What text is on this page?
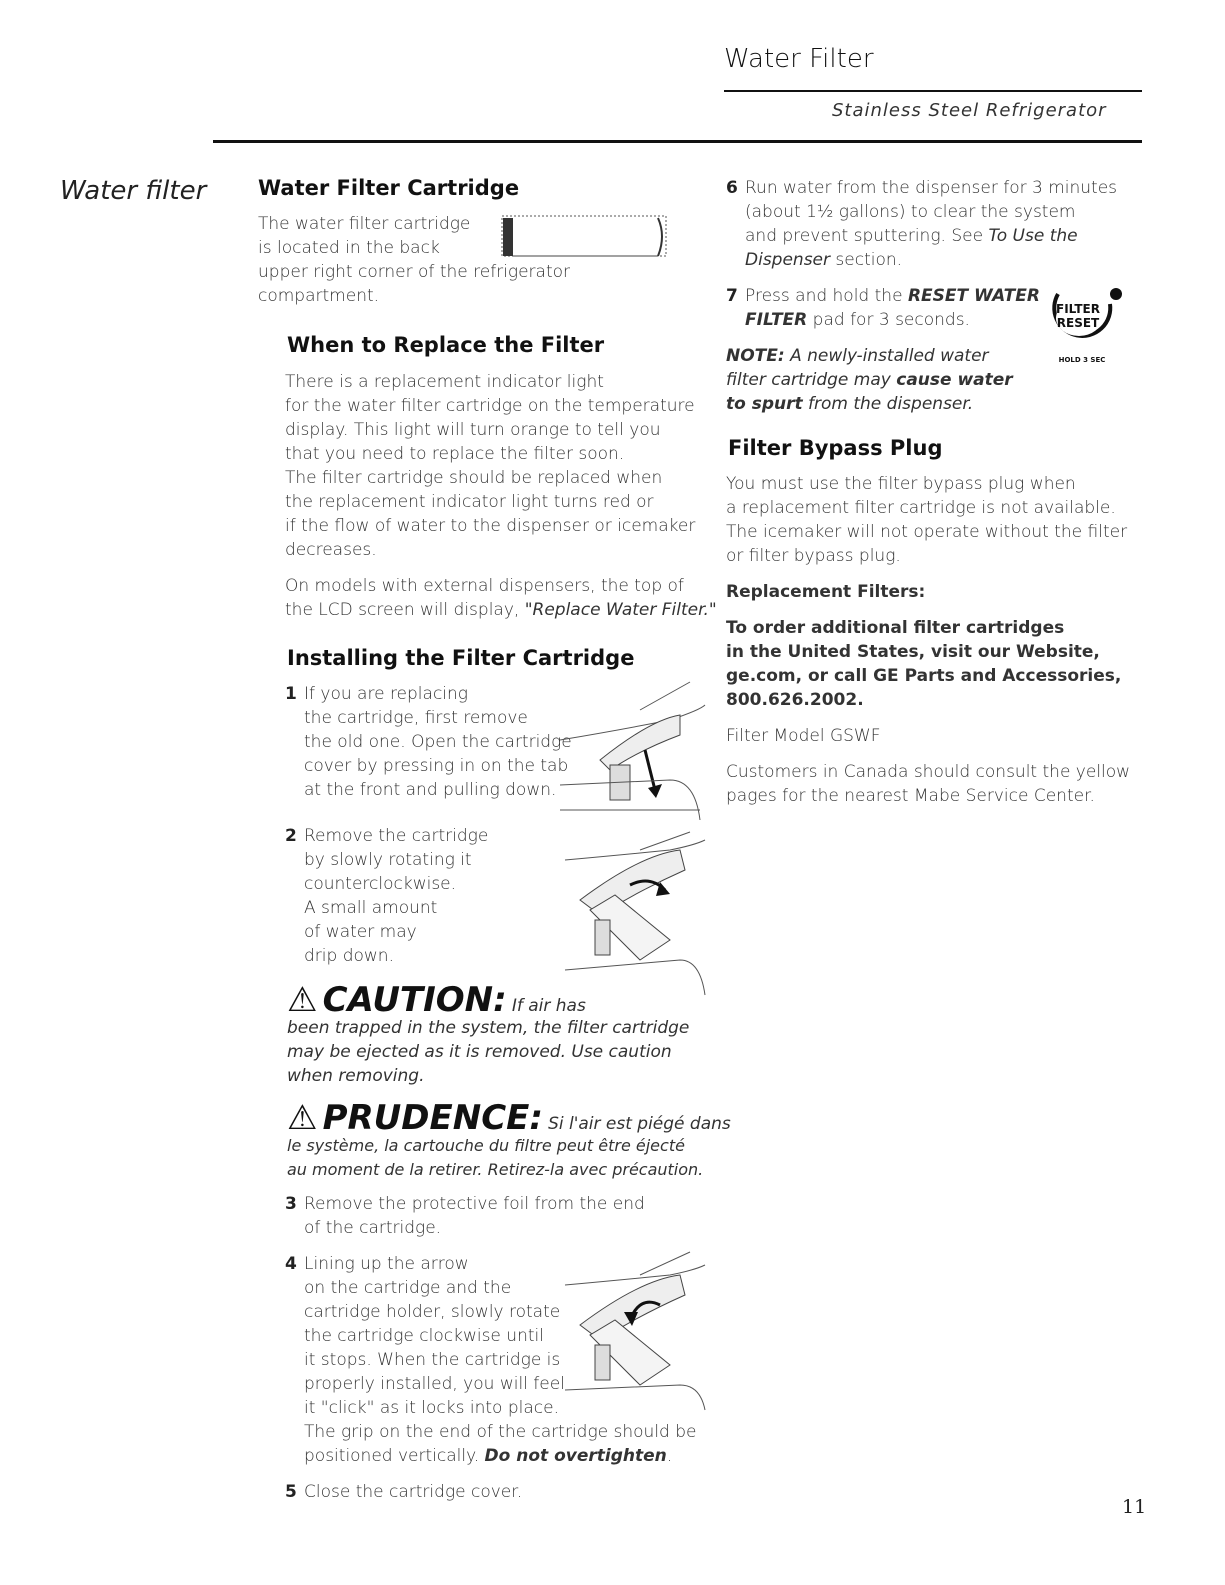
Water Filter
Stainless Steel Refrigerator
Water filter Water Filter Cartridge
The water filter cartridge
is located in the back
upper right corner of the refrigerator
compartment.
When to Replace the Filter
There is a replacement indicator light
for the water filter cartridge on the temperature
display. This light will turn orange to tell you
that you need to replace the filter soon.
The filter cartridge should be replaced when
the replacement indicator light turns red or
if the flow of water to the dispenser or icemaker
decreases.
On models with external dispensers, the top of
the LCD screen will display, "Replace Water Filter."
Installing the Filter Cartridge
1 If you are replacing
the cartridge, first remove
the old one. Open the cartridge
cover by pressing in on the tab
at the front and pulling down.
2 Remove the cartridge
by slowly rotating it
counterclockwise.
A small amount
of water may
drip down.
⚠ CAUTION: If air has
been trapped in the system, the filter cartridge
may be ejected as it is removed. Use caution
when removing.
⚠ PRUDENCE: Si l'air est piégé dans
le système, la cartouche du filtre peut être éjecté
au moment de la retirer. Retirez-la avec précaution.
3 Remove the protective foil from the end
of the cartridge.
4 Lining up the arrow
on the cartridge and the
cartridge holder, slowly rotate
the cartridge clockwise until
it stops. When the cartridge is
properly installed, you will feel
it "click" as it locks into place.
The grip on the end of the cartridge should be
positioned vertically. Do not overtighten.
5 Close the cartridge cover.
6 Run water from the dispenser for 3 minutes
(about 1½ gallons) to clear the system
and prevent sputtering. See To Use the
Dispenser section.
7 Press and hold the RESET WATER
FILTER pad for 3 seconds.
NOTE: A newly-installed water
filter cartridge may cause water
to spurt from the dispenser.
FILTER
RESET
HOLD 3 SEC
Filter Bypass Plug
You must use the filter bypass plug when
a replacement filter cartridge is not available.
The icemaker will not operate without the filter
or filter bypass plug.
Replacement Filters:
To order additional filter cartridges
in the United States, visit our Website,
ge.com, or call GE Parts and Accessories,
800.626.2002.
Filter Model GSWF
Customers in Canada should consult the yellow
pages for the nearest Mabe Service Center.
11
